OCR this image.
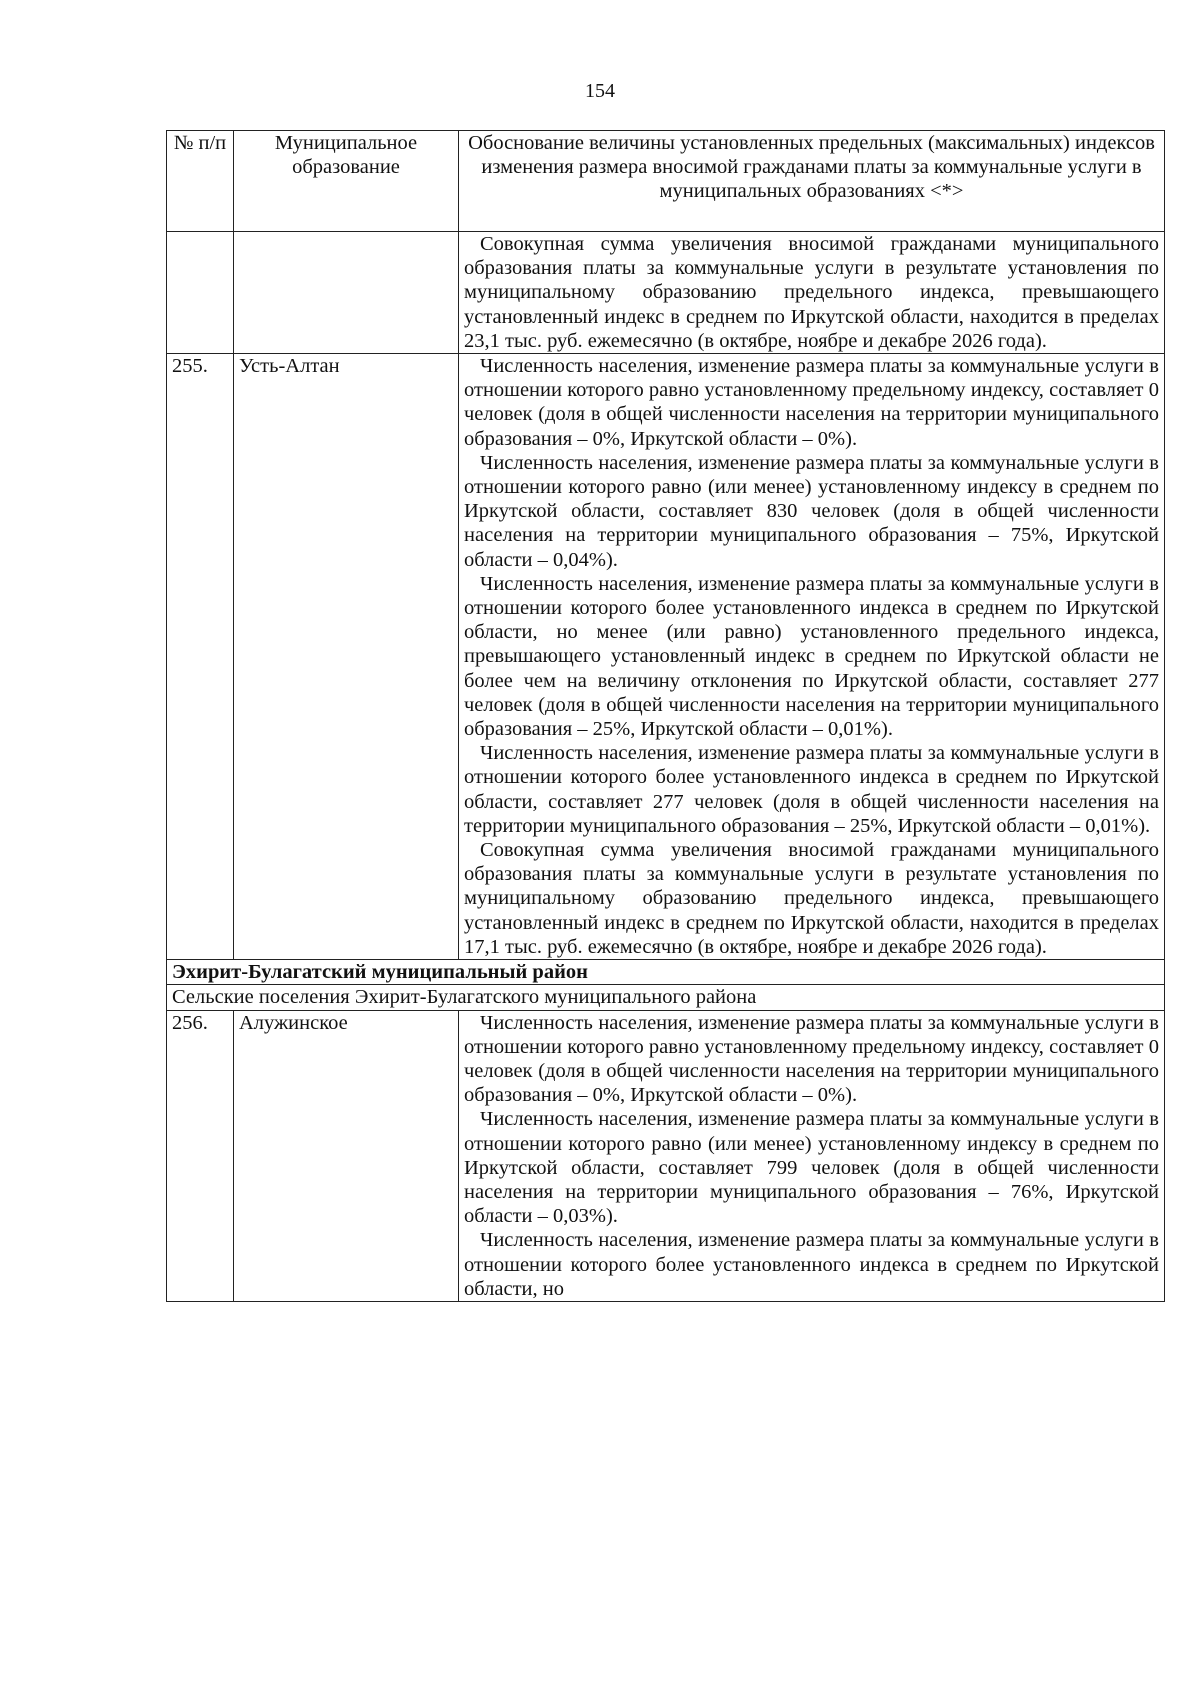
154
№ п/п	Муниципальное образование	Обоснование величины установленных предельных (максимальных) индексов изменения размера вносимой гражданами платы за коммунальные услуги в муниципальных образованиях <*>

		Совокупная сумма увеличения вносимой гражданами муниципального образования платы за коммунальные услуги в результате установления по муниципальному образованию предельного индекса, превышающего установленный индекс в среднем по Иркутской области, находится в пределах 23,1 тыс. руб. ежемесячно (в октябре, ноябре и декабре 2026 года).

255.	Усть-Алтан	Численность населения, изменение размера платы за коммунальные услуги в отношении которого равно установленному предельному индексу, составляет 0 человек (доля в общей численности населения на территории муниципального образования – 0%, Иркутской области – 0%).

Численность населения, изменение размера платы за коммунальные услуги в отношении которого равно (или менее) установленному индексу в среднем по Иркутской области, составляет 830 человек (доля в общей численности населения на территории муниципального образования – 75%, Иркутской области – 0,04%).

Численность населения, изменение размера платы за коммунальные услуги в отношении которого более установленного индекса в среднем по Иркутской области, но менее (или равно) установленного предельного индекса, превышающего установленный индекс в среднем по Иркутской области не более чем на величину отклонения по Иркутской области, составляет 277 человек (доля в общей численности населения на территории муниципального образования – 25%, Иркутской области – 0,01%).

Численность населения, изменение размера платы за коммунальные услуги в отношении которого более установленного индекса в среднем по Иркутской области, составляет 277 человек (доля в общей численности населения на территории муниципального образования – 25%, Иркутской области – 0,01%).

Совокупная сумма увеличения вносимой гражданами муниципального образования платы за коммунальные услуги в результате установления по муниципальному образованию предельного индекса, превышающего установленный индекс в среднем по Иркутской области, находится в пределах 17,1 тыс. руб. ежемесячно (в октябре, ноябре и декабре 2026 года).

Эхирит-Булагатский муниципальный район		
Сельские поселения Эхирит-Булагатского муниципального района		
256.	Алужинское	Численность населения, изменение размера платы за коммунальные услуги в отношении которого равно установленному предельному индексу, составляет 0 человек (доля в общей численности населения на территории муниципального образования – 0%, Иркутской области – 0%).

Численность населения, изменение размера платы за коммунальные услуги в отношении которого равно (или менее) установленному индексу в среднем по Иркутской области, составляет 799 человек (доля в общей численности населения на территории муниципального образования – 76%, Иркутской области – 0,03%).

Численность населения, изменение размера платы за коммунальные услуги в отношении которого более установленного индекса в среднем по Иркутской области, но
